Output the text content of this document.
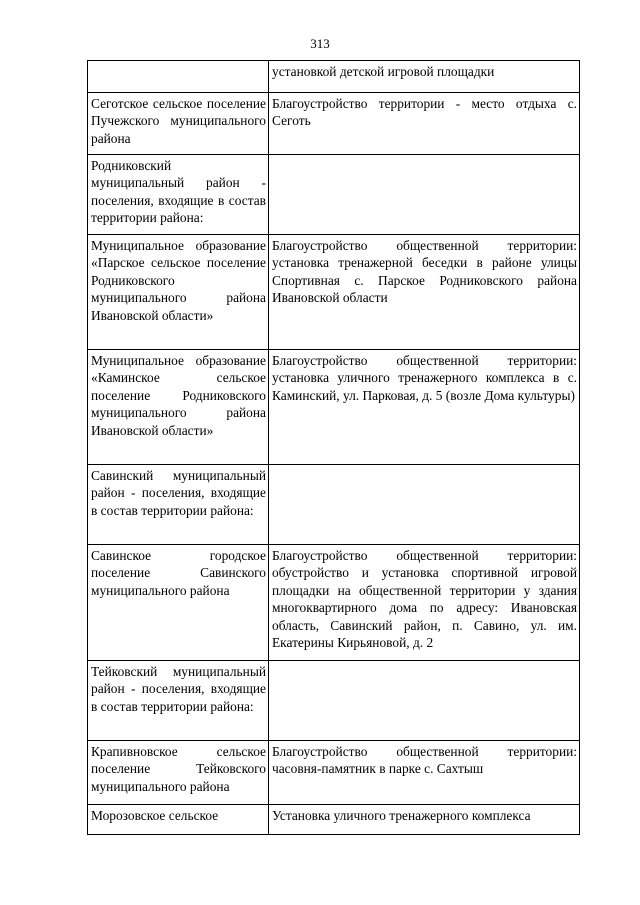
313
	установкой детской игровой площадки
Сеготское сельское поселение Пучежского муниципального района	Благоустройство территории - место отдыха с. Сеготь
Родниковский муниципальный район - поселения, входящие в состав территории района:	
Муниципальное образование «Парское сельское поселение Родниковского муниципального района Ивановской области»	Благоустройство общественной территории: установка тренажерной беседки в районе улицы Спортивная с. Парское Родниковского района Ивановской области
Муниципальное образование «Каминское сельское поселение Родниковского муниципального района Ивановской области»	Благоустройство общественной территории: установка уличного тренажерного комплекса в с. Каминский, ул. Парковая, д. 5 (возле Дома культуры)
Савинский муниципальный район - поселения, входящие в состав территории района:	
Савинское городское поселение Савинского муниципального района	Благоустройство общественной территории: обустройство и установка спортивной игровой площадки на общественной территории у здания многоквартирного дома по адресу: Ивановская область, Савинский район, п. Савино, ул. им. Екатерины Кирьяновой, д. 2
Тейковский муниципальный район - поселения, входящие в состав территории района:	
Крапивновское сельское поселение Тейковского муниципального района	Благоустройство общественной территории: часовня-памятник в парке с. Сахтыш
Морозовское сельское	Установка уличного тренажерного комплекса
